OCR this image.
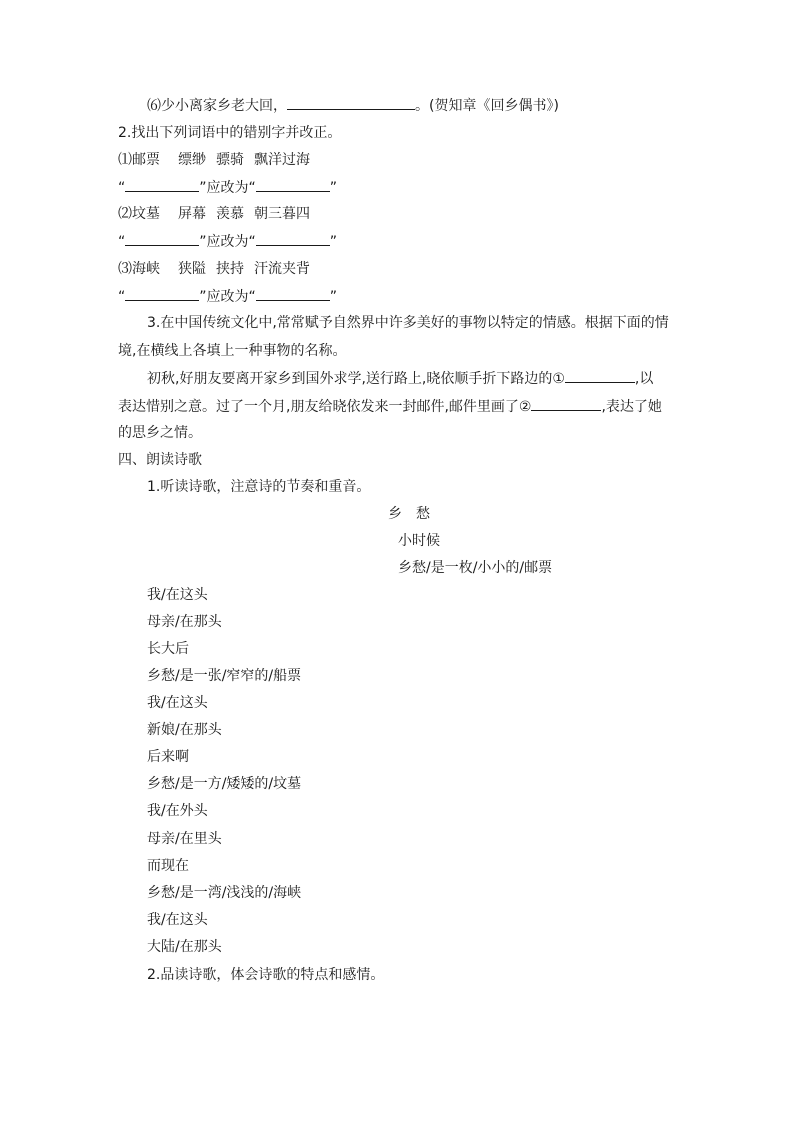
⑹少小离家乡老大回，	。(贺知章《回乡偶书》)
2.找出下列词语中的错别字并改正。
⑴邮票 缥缈 骠骑 飘洋过海
“	”应改为“	”
⑵坟墓 屏幕 羡慕 朝三暮四
“	”应改为“	”
⑶海峡 狭隘 挟持 汗流夹背
“	”应改为“	”
3.在中国传统文化中,常常赋予自然界中许多美好的事物以特定的情感。根据下面的情
境,在横线上各填上一种事物的名称。
初秋,好朋友要离开家乡到国外求学,送行路上,晓依顺手折下路边的①	,以
表达惜别之意。过了一个月,朋友给晓依发来一封邮件,邮件里画了②	,表达了她
的思乡之情。
四、朗读诗歌
1.听读诗歌，注意诗的节奏和重音。
乡　愁
小时候
乡愁/是一枚/小小的/邮票
我/在这头
母亲/在那头
长大后
乡愁/是一张/窄窄的/船票
我/在这头
新娘/在那头
后来啊
乡愁/是一方/矮矮的/坟墓
我/在外头
母亲/在里头
而现在
乡愁/是一湾/浅浅的/海峡
我/在这头
大陆/在那头
2.品读诗歌，体会诗歌的特点和感情。
